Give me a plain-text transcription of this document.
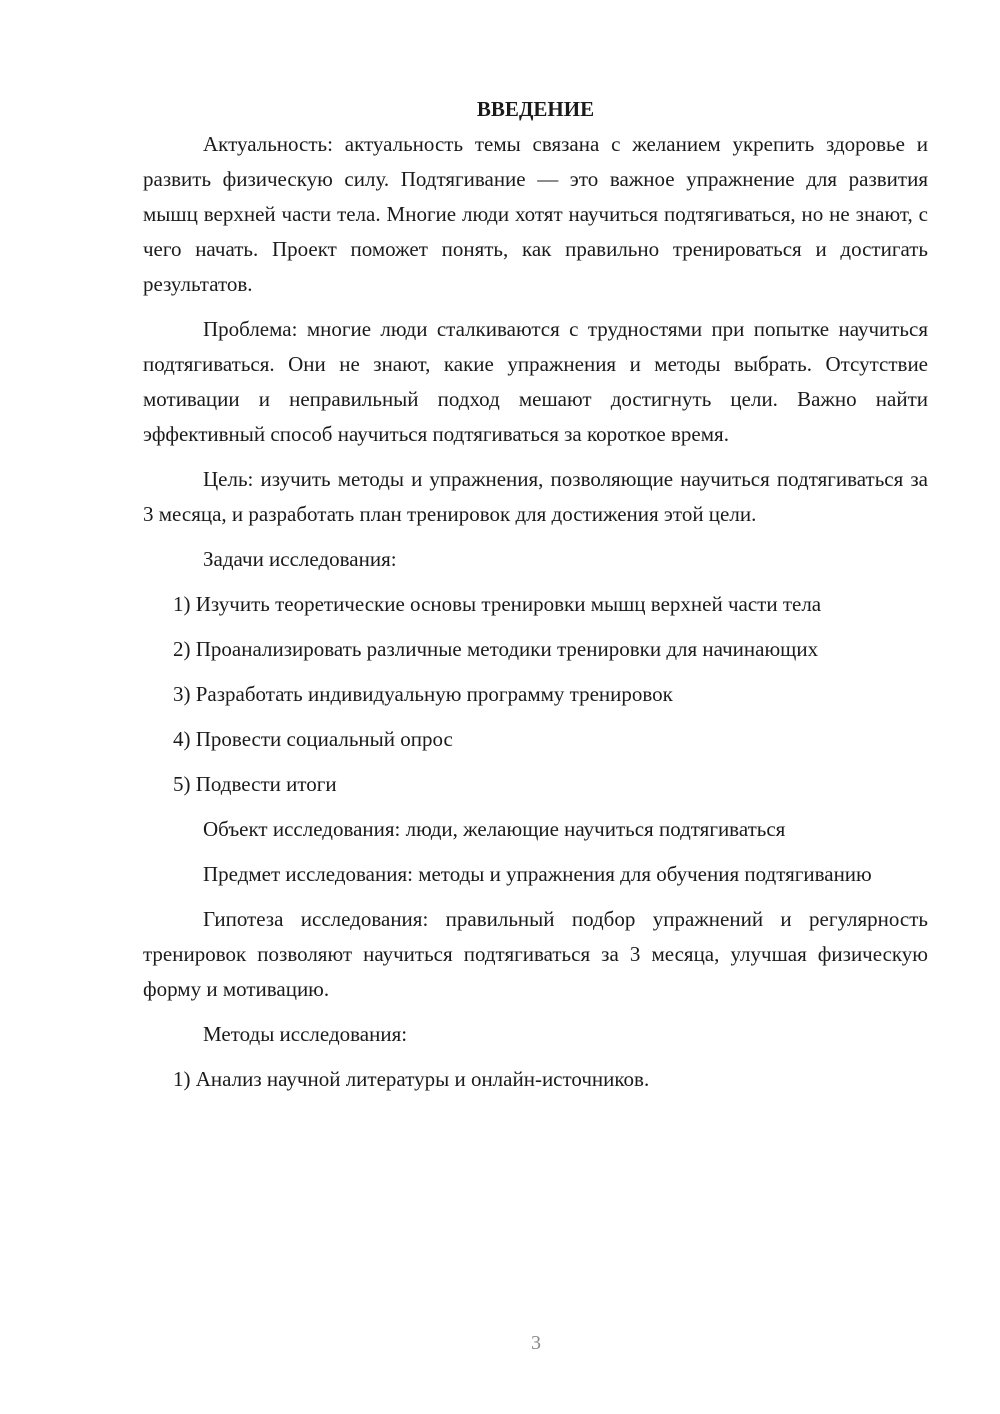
ВВЕДЕНИЕ

Актуальность: актуальность темы связана с желанием укрепить здоровье и развить физическую силу. Подтягивание — это важное упражнение для развития мышц верхней части тела. Многие люди хотят научиться подтягиваться, но не знают, с чего начать. Проект поможет понять, как правильно тренироваться и достигать результатов.

Проблема: многие люди сталкиваются с трудностями при попытке научиться подтягиваться. Они не знают, какие упражнения и методы выбрать. Отсутствие мотивации и неправильный подход мешают достигнуть цели. Важно найти эффективный способ научиться подтягиваться за короткое время.

Цель: изучить методы и упражнения, позволяющие научиться подтягиваться за 3 месяца, и разработать план тренировок для достижения этой цели.

Задачи исследования:

1) Изучить теоретические основы тренировки мышц верхней части тела

2) Проанализировать различные методики тренировки для начинающих

3) Разработать индивидуальную программу тренировок

4) Провести социальный опрос

5) Подвести итоги

Объект исследования: люди, желающие научиться подтягиваться

Предмет исследования: методы и упражнения для обучения подтягиванию

Гипотеза исследования: правильный подбор упражнений и регулярность тренировок позволяют научиться подтягиваться за 3 месяца, улучшая физическую форму и мотивацию.

Методы исследования:

1) Анализ научной литературы и онлайн-источников.

3
